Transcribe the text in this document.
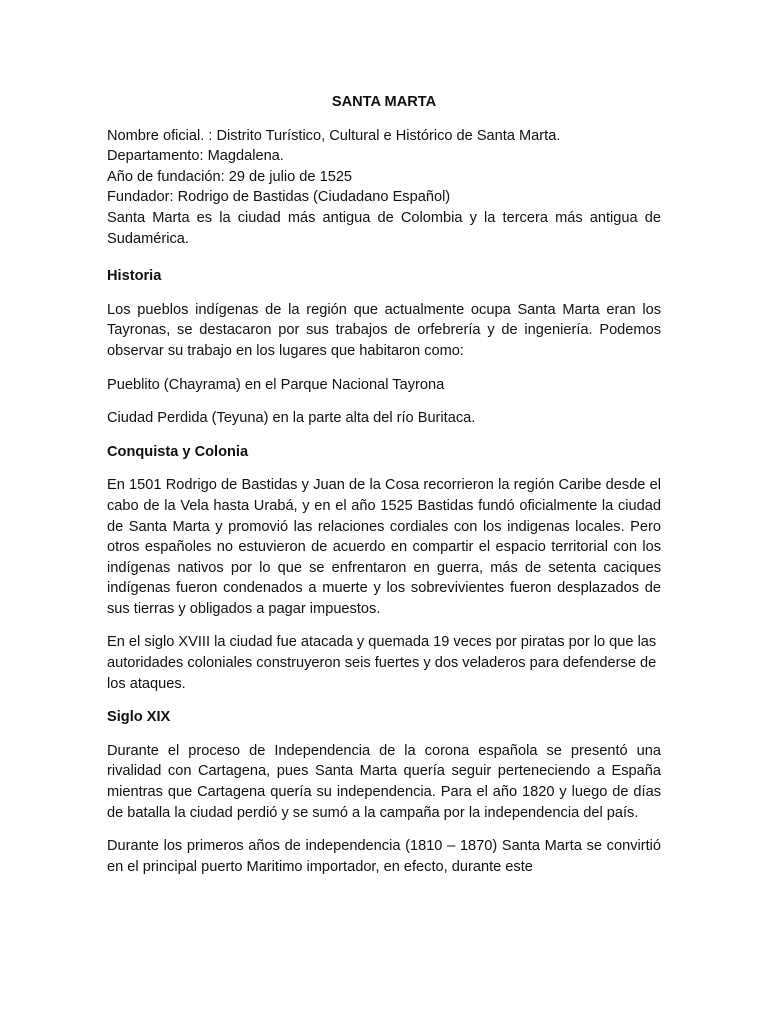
SANTA MARTA

Nombre oficial. : Distrito Turístico, Cultural e Histórico de Santa Marta.

Departamento: Magdalena.

Año de fundación: 29 de julio de 1525

Fundador: Rodrigo de Bastidas (Ciudadano Español)

Santa Marta es la ciudad más antigua de Colombia y la tercera más antigua de Sudamérica.

Historia

Los pueblos indígenas de la región que actualmente ocupa Santa Marta eran los Tayronas, se destacaron por sus trabajos de orfebrería y de ingeniería. Podemos observar su trabajo en los lugares que habitaron como:

Pueblito (Chayrama) en el Parque Nacional Tayrona

Ciudad Perdida (Teyuna) en la parte alta del río Buritaca.

Conquista y Colonia

En 1501 Rodrigo de Bastidas y Juan de la Cosa recorrieron la región Caribe desde el cabo de la Vela hasta Urabá, y en el año 1525 Bastidas fundó oficialmente la ciudad de Santa Marta y promovió las relaciones cordiales con los indigenas locales. Pero otros españoles no estuvieron de acuerdo en compartir el espacio territorial con los indígenas nativos por lo que se enfrentaron en guerra, más de setenta caciques indígenas fueron condenados a muerte y los sobrevivientes fueron desplazados de sus tierras y obligados a pagar impuestos.

En el siglo XVIII la ciudad fue atacada y quemada 19 veces por piratas por lo que las autoridades coloniales construyeron seis fuertes y dos veladeros para defenderse de los ataques.

Siglo XIX

Durante el proceso de Independencia de la corona española se presentó una rivalidad con Cartagena, pues Santa Marta quería seguir perteneciendo a España mientras que Cartagena quería su independencia. Para el año 1820 y luego de días de batalla la ciudad perdió y se sumó a la campaña por la independencia del país.

Durante los primeros años de independencia (1810 – 1870) Santa Marta se convirtió en el principal puerto Maritimo importador, en efecto, durante este
